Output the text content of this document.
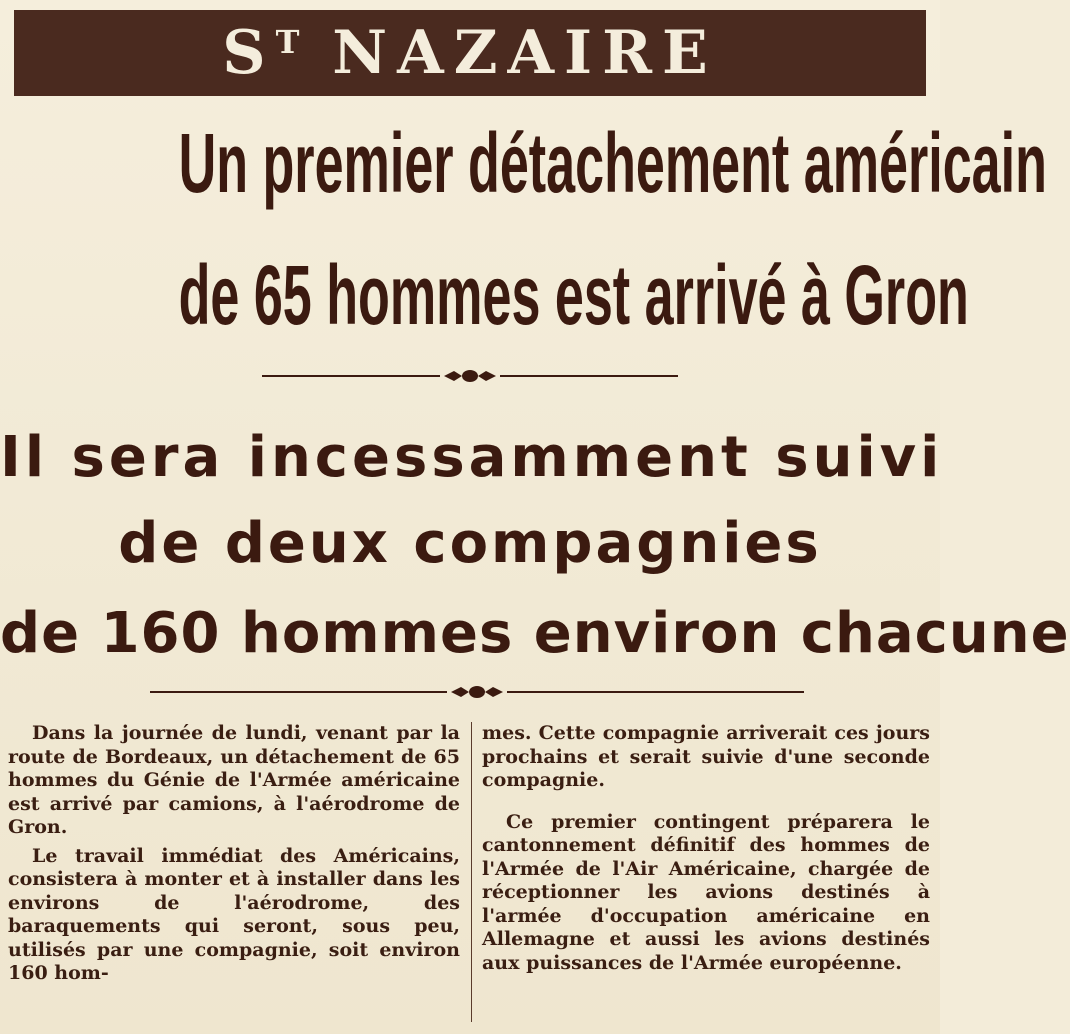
$S^T$ NAZAIRE
Un premier détachement américain
de 65 hommes est arrivé à Gron
Il sera incessamment suivi
de deux compagnies
de 160 hommes environ chacune

Dans la journée de lundi, venant par la route de Bordeaux, un détachement de 65 hommes du Génie de l'Armée américaine est arrivé par camions, à l'aérodrome de Gron.

Le travail immédiat des Américains, consistera à monter et à installer dans les environs de l'aérodrome, des baraquements qui seront, sous peu, utilisés par une compagnie, soit environ 160 hom-

mes. Cette compagnie arriverait ces jours prochains et serait suivie d'une seconde compagnie.

Ce premier contingent préparera le cantonnement définitif des hommes de l'Armée de l'Air Américaine, chargée de réceptionner les avions destinés à l'armée d'occupation américaine en Allemagne et aussi les avions destinés aux puissances de l'Armée européenne.
